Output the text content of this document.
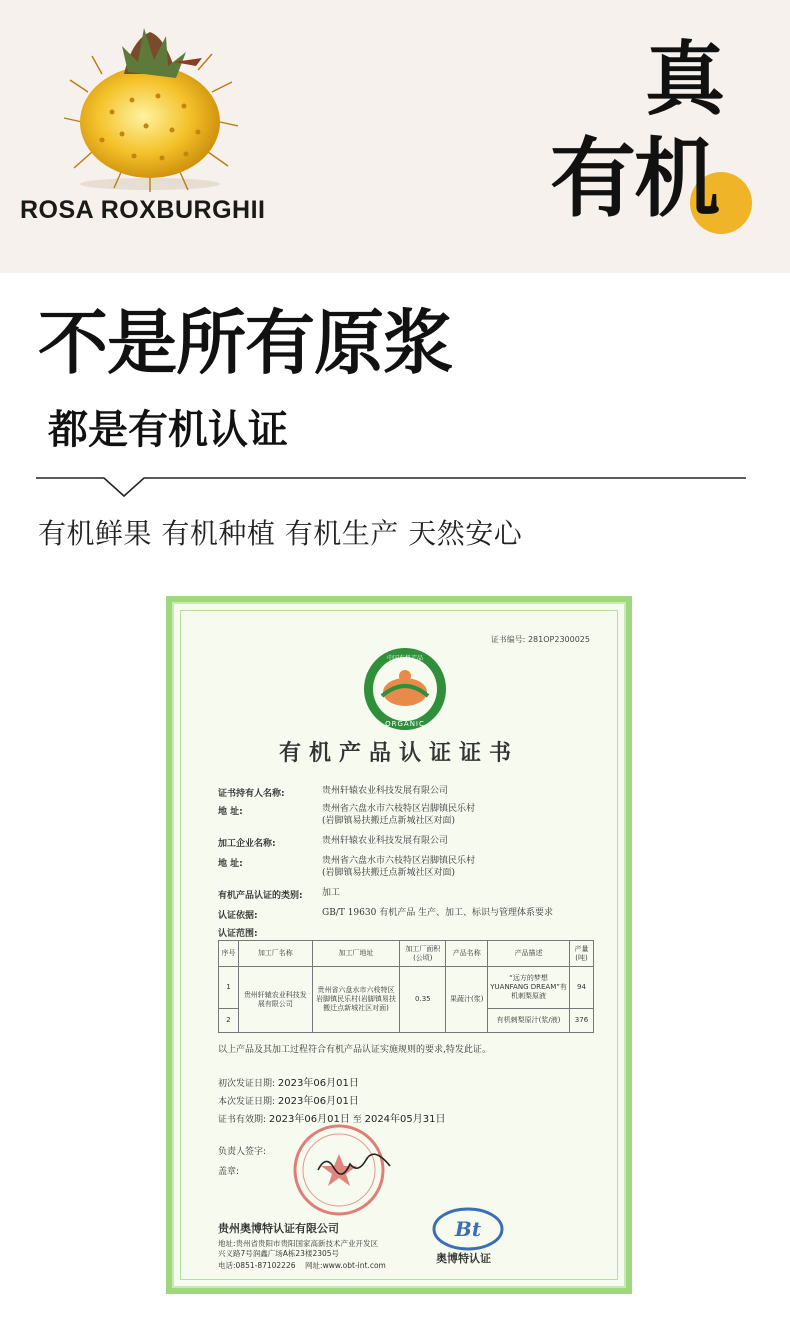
ROSA ROXBURGHII
真
有机
不是所有原浆
都是有机认证
有机鲜果 有机种植 有机生产 天然安心
证书编号: 281OP2300025
中国有机产品
ORGANIC
有机产品认证证书
证书持有人名称:	贵州轩辕农业科技发展有限公司
地 址:	贵州省六盘水市六枝特区岩脚镇民乐村
(岩脚镇易扶搬迁点新城社区对面)
加工企业名称:	贵州轩辕农业科技发展有限公司
地 址:	贵州省六盘水市六枝特区岩脚镇民乐村
(岩脚镇易扶搬迁点新城社区对面)
有机产品认证的类别: 加工
认证依据:	GB/T 19630 有机产品 生产、加工、标识与管理体系要求
认证范围:
序号	加工厂名称	加工厂地址	加工厂面积(公顷)	产品名称	产品描述	产量(吨)
1	贵州轩辕农业科技发展有限公司	贵州省六盘水市六枝特区岩脚镇民乐村(岩脚镇易扶搬迁点新城社区对面)	0.35	果蔬汁(浆)	“远方的梦想 YUANFANG DREAM”有机刺梨原液	94
2					有机刺梨原汁(浆/液)	376
以上产品及其加工过程符合有机产品认证实施规则的要求,特发此证。
初次发证日期: 2023年06月01日
本次发证日期: 2023年06月01日
证书有效期: 2023年06月01日 至 2024年05月31日
负责人签字:
盖章:
贵州奥博特认证有限公司
地址:贵州省贵阳市贵阳国家高新技术产业开发区
兴义路7号润鑫广场A栋23楼2305号
电话:0851-87102226 网址:www.obt-int.com
Bt
奥博特认证
